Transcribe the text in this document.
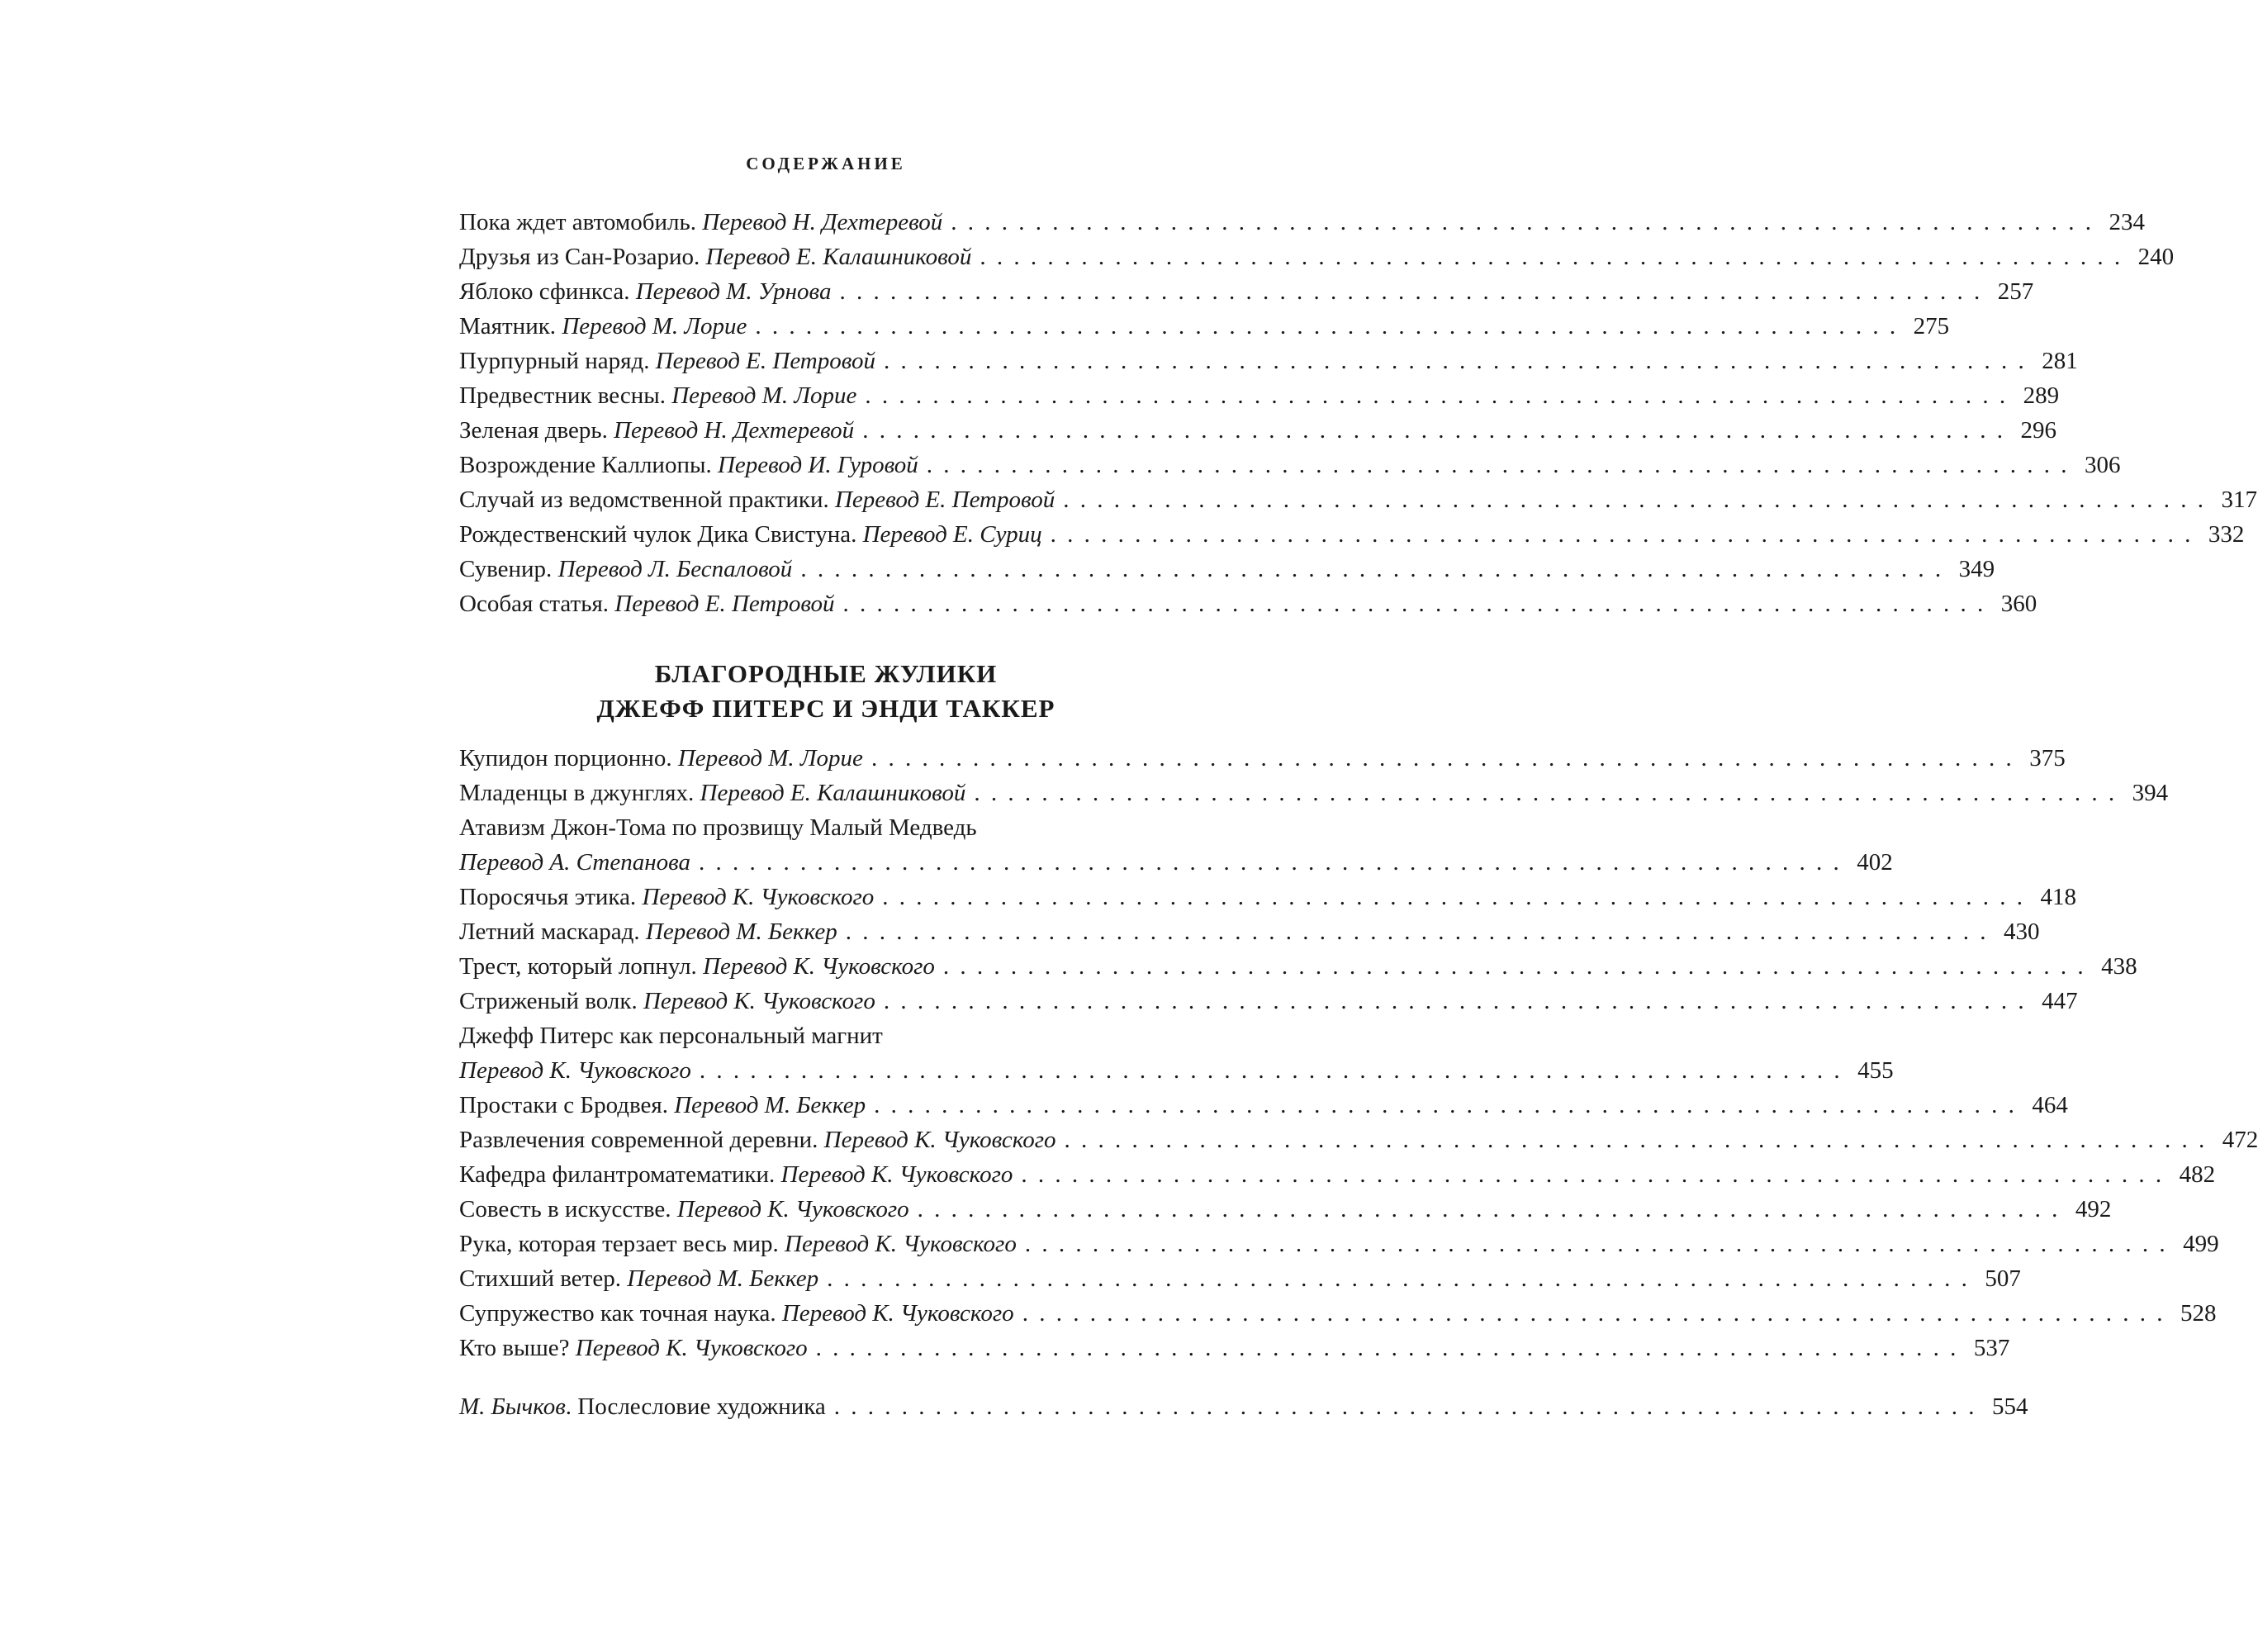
СОДЕРЖАНИЕ
Пока ждет автомобиль. Перевод Н. Дехтеревой . . . . . . . . . . . . . . . . . . . . . . . . . . . . . . . . . . . . . . . . . . . . . . . . . . . . . . . . . . . . . . . . . . . . 234
Друзья из Сан-Розарио. Перевод Е. Калашниковой . . . . . . . . . . . . . . . . . . . . . . . . . . . . . . . . . . . . . . . . . . . . . . . . . . . . . . . . . . . . . . . . . . . . 240
Яблоко сфинкса. Перевод М. Урнова . . . . . . . . . . . . . . . . . . . . . . . . . . . . . . . . . . . . . . . . . . . . . . . . . . . . . . . . . . . . . . . . . . . . 257
Маятник. Перевод М. Лорие . . . . . . . . . . . . . . . . . . . . . . . . . . . . . . . . . . . . . . . . . . . . . . . . . . . . . . . . . . . . . . . . . . . . 275
Пурпурный наряд. Перевод Е. Петровой . . . . . . . . . . . . . . . . . . . . . . . . . . . . . . . . . . . . . . . . . . . . . . . . . . . . . . . . . . . . . . . . . . . . 281
Предвестник весны. Перевод М. Лорие . . . . . . . . . . . . . . . . . . . . . . . . . . . . . . . . . . . . . . . . . . . . . . . . . . . . . . . . . . . . . . . . . . . . 289
Зеленая дверь. Перевод Н. Дехтеревой . . . . . . . . . . . . . . . . . . . . . . . . . . . . . . . . . . . . . . . . . . . . . . . . . . . . . . . . . . . . . . . . . . . . 296
Возрождение Каллиопы. Перевод И. Гуровой . . . . . . . . . . . . . . . . . . . . . . . . . . . . . . . . . . . . . . . . . . . . . . . . . . . . . . . . . . . . . . . . . . . . 306
Случай из ведомственной практики. Перевод Е. Петровой . . . . . . . . . . . . . . . . . . . . . . . . . . . . . . . . . . . . . . . . . . . . . . . . . . . . . . . . . . . . . . . . . . . . 317
Рождественский чулок Дика Свистуна. Перевод Е. Суриц . . . . . . . . . . . . . . . . . . . . . . . . . . . . . . . . . . . . . . . . . . . . . . . . . . . . . . . . . . . . . . . . . . . . 332
Сувенир. Перевод Л. Беспаловой . . . . . . . . . . . . . . . . . . . . . . . . . . . . . . . . . . . . . . . . . . . . . . . . . . . . . . . . . . . . . . . . . . . . 349
Особая статья. Перевод Е. Петровой . . . . . . . . . . . . . . . . . . . . . . . . . . . . . . . . . . . . . . . . . . . . . . . . . . . . . . . . . . . . . . . . . . . . 360
БЛАГОРОДНЫЕ ЖУЛИКИ
ДЖЕФФ ПИТЕРС И ЭНДИ ТАККЕР
Купидон порционно. Перевод М. Лорие . . . . . . . . . . . . . . . . . . . . . . . . . . . . . . . . . . . . . . . . . . . . . . . . . . . . . . . . . . . . . . . . . . . . 375
Младенцы в джунглях. Перевод Е. Калашниковой . . . . . . . . . . . . . . . . . . . . . . . . . . . . . . . . . . . . . . . . . . . . . . . . . . . . . . . . . . . . . . . . . . . . 394
Атавизм Джон-Тома по прозвищу Малый Медведь
Перевод А. Степанова . . . . . . . . . . . . . . . . . . . . . . . . . . . . . . . . . . . . . . . . . . . . . . . . . . . . . . . . . . . . . . . . . . . . 402
Поросячья этика. Перевод К. Чуковского . . . . . . . . . . . . . . . . . . . . . . . . . . . . . . . . . . . . . . . . . . . . . . . . . . . . . . . . . . . . . . . . . . . . 418
Летний маскарад. Перевод М. Беккер . . . . . . . . . . . . . . . . . . . . . . . . . . . . . . . . . . . . . . . . . . . . . . . . . . . . . . . . . . . . . . . . . . . . 430
Трест, который лопнул. Перевод К. Чуковского . . . . . . . . . . . . . . . . . . . . . . . . . . . . . . . . . . . . . . . . . . . . . . . . . . . . . . . . . . . . . . . . . . . . 438
Стриженый волк. Перевод К. Чуковского . . . . . . . . . . . . . . . . . . . . . . . . . . . . . . . . . . . . . . . . . . . . . . . . . . . . . . . . . . . . . . . . . . . . 447
Джефф Питерс как персональный магнит
Перевод К. Чуковского . . . . . . . . . . . . . . . . . . . . . . . . . . . . . . . . . . . . . . . . . . . . . . . . . . . . . . . . . . . . . . . . . . . . 455
Простаки с Бродвея. Перевод М. Беккер . . . . . . . . . . . . . . . . . . . . . . . . . . . . . . . . . . . . . . . . . . . . . . . . . . . . . . . . . . . . . . . . . . . . 464
Развлечения современной деревни. Перевод К. Чуковского . . . . . . . . . . . . . . . . . . . . . . . . . . . . . . . . . . . . . . . . . . . . . . . . . . . . . . . . . . . . . . . . . . . . 472
Кафедра филантроматематики. Перевод К. Чуковского . . . . . . . . . . . . . . . . . . . . . . . . . . . . . . . . . . . . . . . . . . . . . . . . . . . . . . . . . . . . . . . . . . . . 482
Совесть в искусстве. Перевод К. Чуковского . . . . . . . . . . . . . . . . . . . . . . . . . . . . . . . . . . . . . . . . . . . . . . . . . . . . . . . . . . . . . . . . . . . . 492
Рука, которая терзает весь мир. Перевод К. Чуковского . . . . . . . . . . . . . . . . . . . . . . . . . . . . . . . . . . . . . . . . . . . . . . . . . . . . . . . . . . . . . . . . . . . . 499
Стихший ветер. Перевод М. Беккер . . . . . . . . . . . . . . . . . . . . . . . . . . . . . . . . . . . . . . . . . . . . . . . . . . . . . . . . . . . . . . . . . . . . 507
Супружество как точная наука. Перевод К. Чуковского . . . . . . . . . . . . . . . . . . . . . . . . . . . . . . . . . . . . . . . . . . . . . . . . . . . . . . . . . . . . . . . . . . . . 528
Кто выше? Перевод К. Чуковского . . . . . . . . . . . . . . . . . . . . . . . . . . . . . . . . . . . . . . . . . . . . . . . . . . . . . . . . . . . . . . . . . . . . 537
М. Бычков. Послесловие художника . . . . . . . . . . . . . . . . . . . . . . . . . . . . . . . . . . . . . . . . . . . . . . . . . . . . . . . . . . . . . . . . . . . . 554
